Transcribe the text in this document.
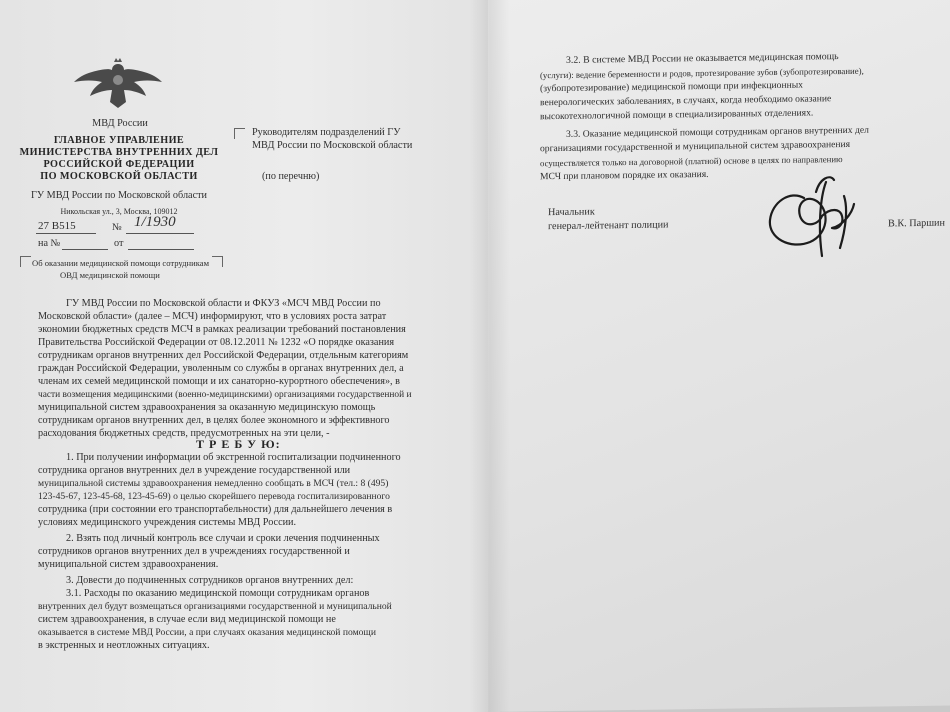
МВД России
ГЛАВНОЕ УПРАВЛЕНИЕ
МИНИСТЕРСТВА ВНУТРЕННИХ ДЕЛ
РОССИЙСКОЙ ФЕДЕРАЦИИ
ПО МОСКОВСКОЙ ОБЛАСТИ
ГУ МВД России по Московской области
Никольская ул., 3, Москва, 109012
27 В515	№ 1/1930
на №	от
Руководителям подразделений ГУ
МВД России по Московской области
(по перечню)
Об оказании медицинской помощи сотрудникам
ОВД медицинской помощи
ГУ МВД России по Московской области и ФКУЗ «МСЧ МВД России по
Московской области» (далее – МСЧ) информируют, что в условиях роста затрат
экономии бюджетных средств МСЧ в рамках реализации требований постановления
Правительства Российской Федерации от 08.12.2011 № 1232 «О порядке оказания
сотрудникам органов внутренних дел Российской Федерации, отдельным категориям
граждан Российской Федерации, уволенным со службы в органах внутренних дел, а
членам их семей медицинской помощи и их санаторно-курортного обеспечения», в
части возмещения медицинскими (военно-медицинскими) организациями государственной и
муниципальной систем здравоохранения за оказанную медицинскую помощь
сотрудникам органов внутренних дел, в целях более экономного и эффективного
расходования бюджетных средств, предусмотренных на эти цели, -
Т Р Е Б У Ю:
1. При получении информации об экстренной госпитализации подчиненного
сотрудника органов внутренних дел в учреждение государственной или
муниципальной системы здравоохранения немедленно сообщать в МСЧ (тел.: 8 (495)
123-45-67, 123-45-68, 123-45-69) о целью скорейшего перевода госпитализированного
сотрудника (при состоянии его транспортабельности) для дальнейшего лечения в
условиях медицинского учреждения системы МВД России.
2. Взять под личный контроль все случаи и сроки лечения подчиненных
сотрудников органов внутренних дел в учреждениях государственной и
муниципальной систем здравоохранения.
3. Довести до подчиненных сотрудников органов внутренних дел:
3.1. Расходы по оказанию медицинской помощи сотрудникам органов
внутренних дел будут возмещаться организациями государственной и муниципальной
систем здравоохранения, в случае если вид медицинской помощи не
оказывается в системе МВД России, а при случаях оказания медицинской помощи
в экстренных и неотложных ситуациях.
3.2. В системе МВД России не оказывается медицинская помощь
(услуги): ведение беременности и родов, протезирование зубов (зубопротезирование),
(зубопротезирование) медицинской помощи при инфекционных
венерологических заболеваниях, в случаях, когда необходимо оказание
высокотехнологичной помощи в специализированных отделениях.
3.3. Оказание медицинской помощи сотрудникам органов внутренних дел
организациями государственной и муниципальной систем здравоохранения
осуществляется только на договорной (платной) основе в целях по направлению
МСЧ при плановом порядке их оказания.
Начальник
генерал-лейтенант полиции	В.К. Паршин
